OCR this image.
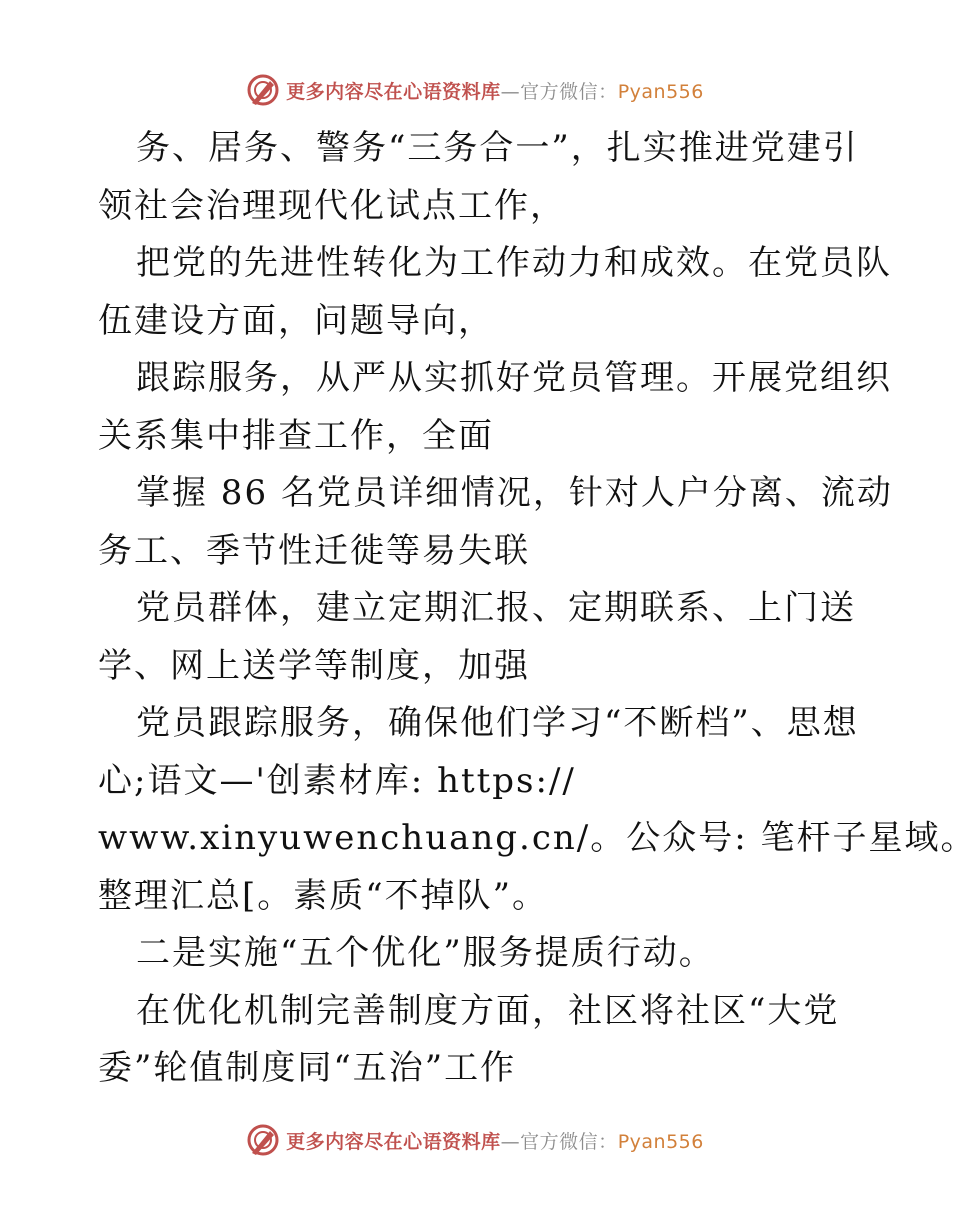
更多内容尽在心语资料库—官方微信：Pyan556
务、居务、警务“三务合一”，扎实推进党建引
领社会治理现代化试点工作，
把党的先进性转化为工作动力和成效。在党员队
伍建设方面，问题导向，
跟踪服务，从严从实抓好党员管理。开展党组织
关系集中排查工作，全面
掌握 86 名党员详细情况，针对人户分离、流动
务工、季节性迁徙等易失联
党员群体，建立定期汇报、定期联系、上门送
学、网上送学等制度，加强
党员跟踪服务，确保他们学习“不断档”、思想
心;语文—'创素材库: https://
www.xinyuwenchuang.cn/。公众号: 笔杆子星域。
整理汇总[。素质“不掉队”。
二是实施“五个优化”服务提质行动。
在优化机制完善制度方面，社区将社区“大党
委”轮值制度同“五治”工作
更多内容尽在心语资料库—官方微信：Pyan556
